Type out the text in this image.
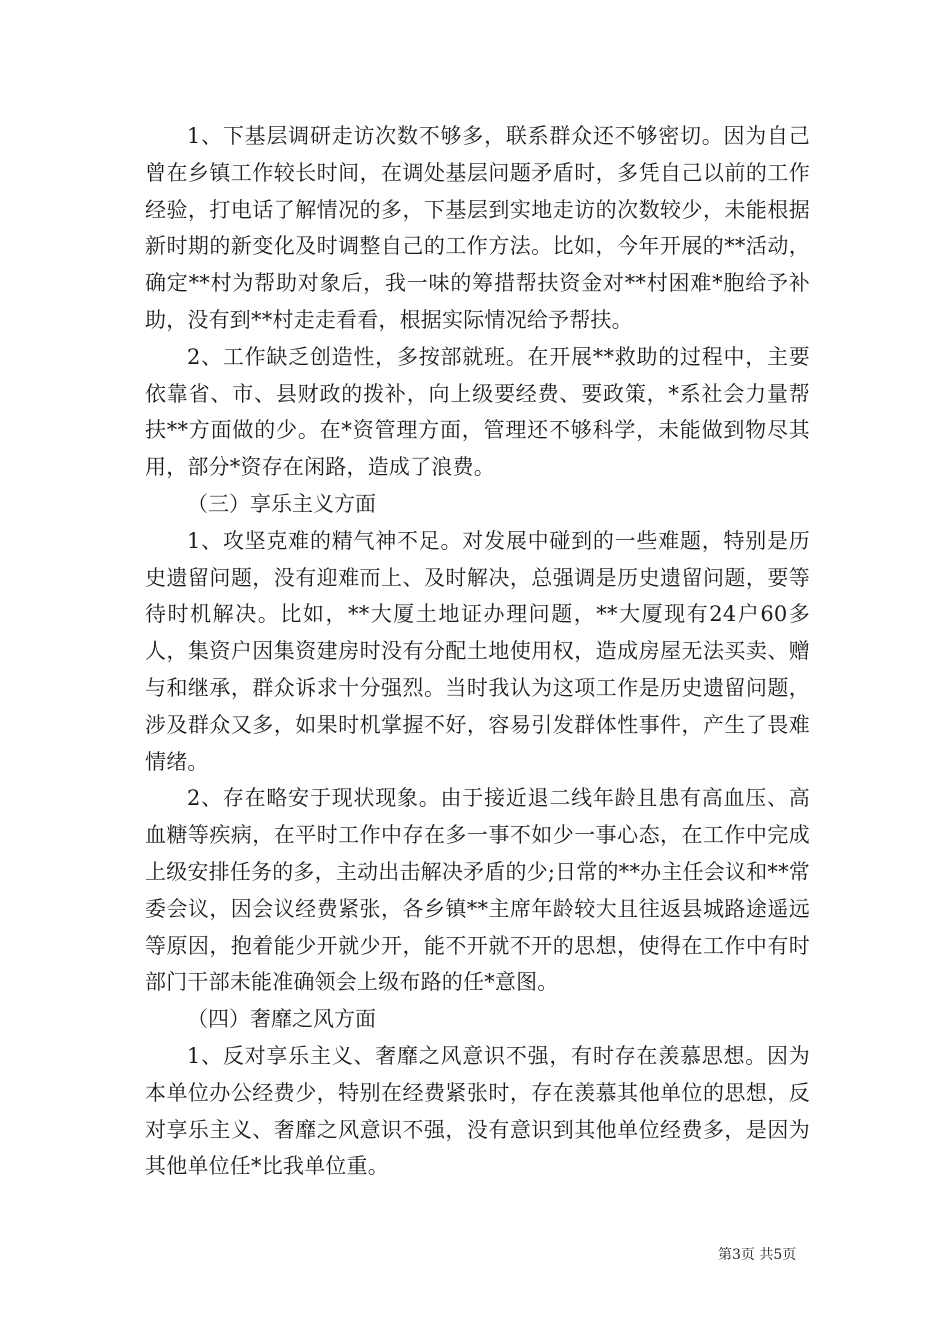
1、下基层调研走访次数不够多，联系群众还不够密切。因为自己曾在乡镇工作较长时间，在调处基层问题矛盾时，多凭自己以前的工作经验，打电话了解情况的多，下基层到实地走访的次数较少，未能根据新时期的新变化及时调整自己的工作方法。比如，今年开展的**活动，确定**村为帮助对象后，我一味的筹措帮扶资金对**村困难*胞给予补助，没有到**村走走看看，根据实际情况给予帮扶。

2、工作缺乏创造性，多按部就班。在开展**救助的过程中，主要依靠省、市、县财政的拨补，向上级要经费、要政策，*系社会力量帮扶**方面做的少。在*资管理方面，管理还不够科学，未能做到物尽其用，部分*资存在闲路，造成了浪费。

（三）享乐主义方面

1、攻坚克难的精气神不足。对发展中碰到的一些难题，特别是历史遗留问题，没有迎难而上、及时解决，总强调是历史遗留问题，要等待时机解决。比如，**大厦土地证办理问题，**大厦现有24户60多人，集资户因集资建房时没有分配土地使用权，造成房屋无法买卖、赠与和继承，群众诉求十分强烈。当时我认为这项工作是历史遗留问题，涉及群众又多，如果时机掌握不好，容易引发群体性事件，产生了畏难情绪。

2、存在略安于现状现象。由于接近退二线年龄且患有高血压、高血糖等疾病，在平时工作中存在多一事不如少一事心态，在工作中完成上级安排任务的多，主动出击解决矛盾的少;日常的**办主任会议和**常委会议，因会议经费紧张，各乡镇**主席年龄较大且往返县城路途遥远等原因，抱着能少开就少开，能不开就不开的思想，使得在工作中有时部门干部未能准确领会上级布路的任*意图。

（四）奢靡之风方面

1、反对享乐主义、奢靡之风意识不强，有时存在羡慕思想。因为本单位办公经费少，特别在经费紧张时，存在羡慕其他单位的思想，反对享乐主义、奢靡之风意识不强，没有意识到其他单位经费多，是因为其他单位任*比我单位重。

第3页 共5页
